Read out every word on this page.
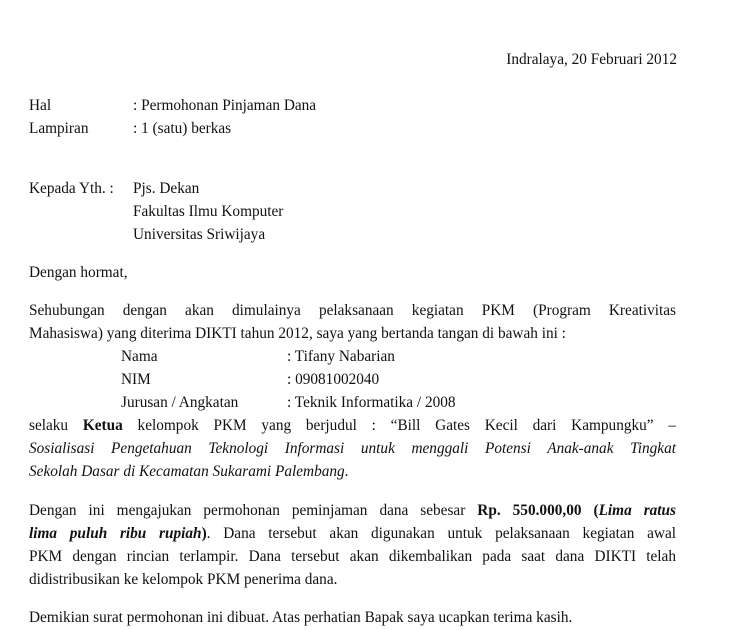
Indralaya, 20 Februari 2012
Hal	: Permohonan Pinjaman Dana
Lampiran	: 1 (satu) berkas
Kepada Yth. : Pjs. Dekan
Fakultas Ilmu Komputer
Universitas Sriwijaya
Dengan hormat,
Sehubungan dengan akan dimulainya pelaksanaan kegiatan PKM (Program Kreativitas
Mahasiswa) yang diterima DIKTI tahun 2012, saya yang bertanda tangan di bawah ini :
Nama	: Tifany Nabarian
NIM	: 09081002040
Jurusan / Angkatan	: Teknik Informatika / 2008
selaku Ketua kelompok PKM yang berjudul : “Bill Gates Kecil dari Kampungku” –
Sosialisasi Pengetahuan Teknologi Informasi untuk menggali Potensi Anak-anak Tingkat
Sekolah Dasar di Kecamatan Sukarami Palembang.
Dengan ini mengajukan permohonan peminjaman dana sebesar Rp. 550.000,00 (Lima ratus
lima puluh ribu rupiah). Dana tersebut akan digunakan untuk pelaksanaan kegiatan awal
PKM dengan rincian terlampir. Dana tersebut akan dikembalikan pada saat dana DIKTI telah
didistribusikan ke kelompok PKM penerima dana.
Demikian surat permohonan ini dibuat. Atas perhatian Bapak saya ucapkan terima kasih.
